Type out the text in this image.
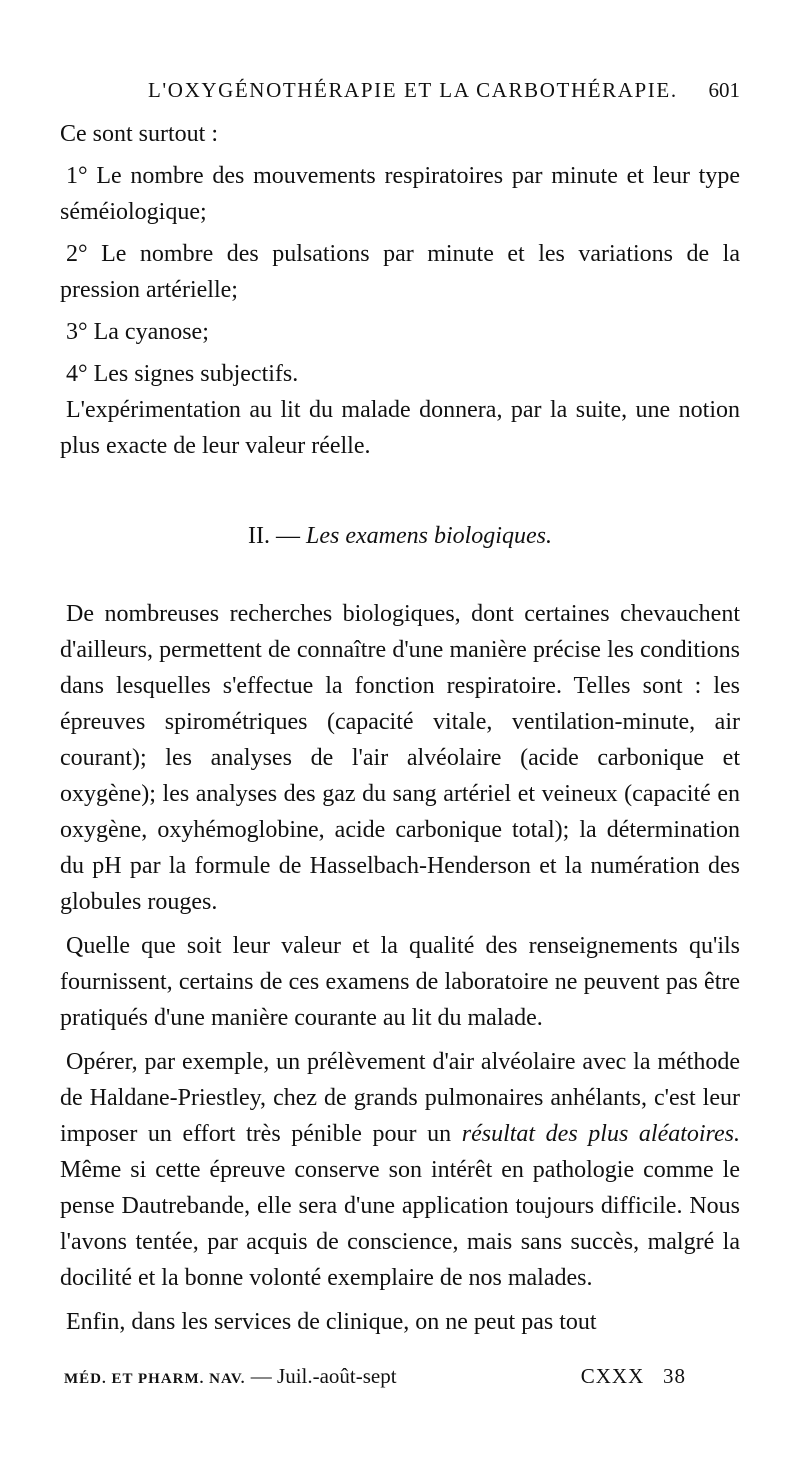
L'OXYGÉNOTHÉRAPIE ET LA CARBOTHÉRAPIE. 601

Ce sont surtout :

1° Le nombre des mouvements respiratoires par minute et leur type séméiologique;

2° Le nombre des pulsations par minute et les variations de la pression artérielle;

3° La cyanose;

4° Les signes subjectifs.

L'expérimentation au lit du malade donnera, par la suite, une notion plus exacte de leur valeur réelle.

II. — Les examens biologiques.

De nombreuses recherches biologiques, dont certaines chevauchent d'ailleurs, permettent de connaître d'une manière précise les conditions dans lesquelles s'effectue la fonction respiratoire. Telles sont : les épreuves spirométriques (capacité vitale, ventilation-minute, air courant); les analyses de l'air alvéolaire (acide carbonique et oxygène); les analyses des gaz du sang artériel et veineux (capacité en oxygène, oxyhémoglobine, acide carbonique total); la détermination du pH par la formule de Hasselbach-Henderson et la numération des globules rouges.

Quelle que soit leur valeur et la qualité des renseignements qu'ils fournissent, certains de ces examens de laboratoire ne peuvent pas être pratiqués d'une manière courante au lit du malade.

Opérer, par exemple, un prélèvement d'air alvéolaire avec la méthode de Haldane-Priestley, chez de grands pulmonaires anhélants, c'est leur imposer un effort très pénible pour un résultat des plus aléatoires. Même si cette épreuve conserve son intérêt en pathologie comme le pense Dautrebande, elle sera d'une application toujours difficile. Nous l'avons tentée, par acquis de conscience, mais sans succès, malgré la docilité et la bonne volonté exemplaire de nos malades.

Enfin, dans les services de clinique, on ne peut pas tout

MÉD. ET PHARM. NAV. — Juil.-août-sept	CXXX 38
